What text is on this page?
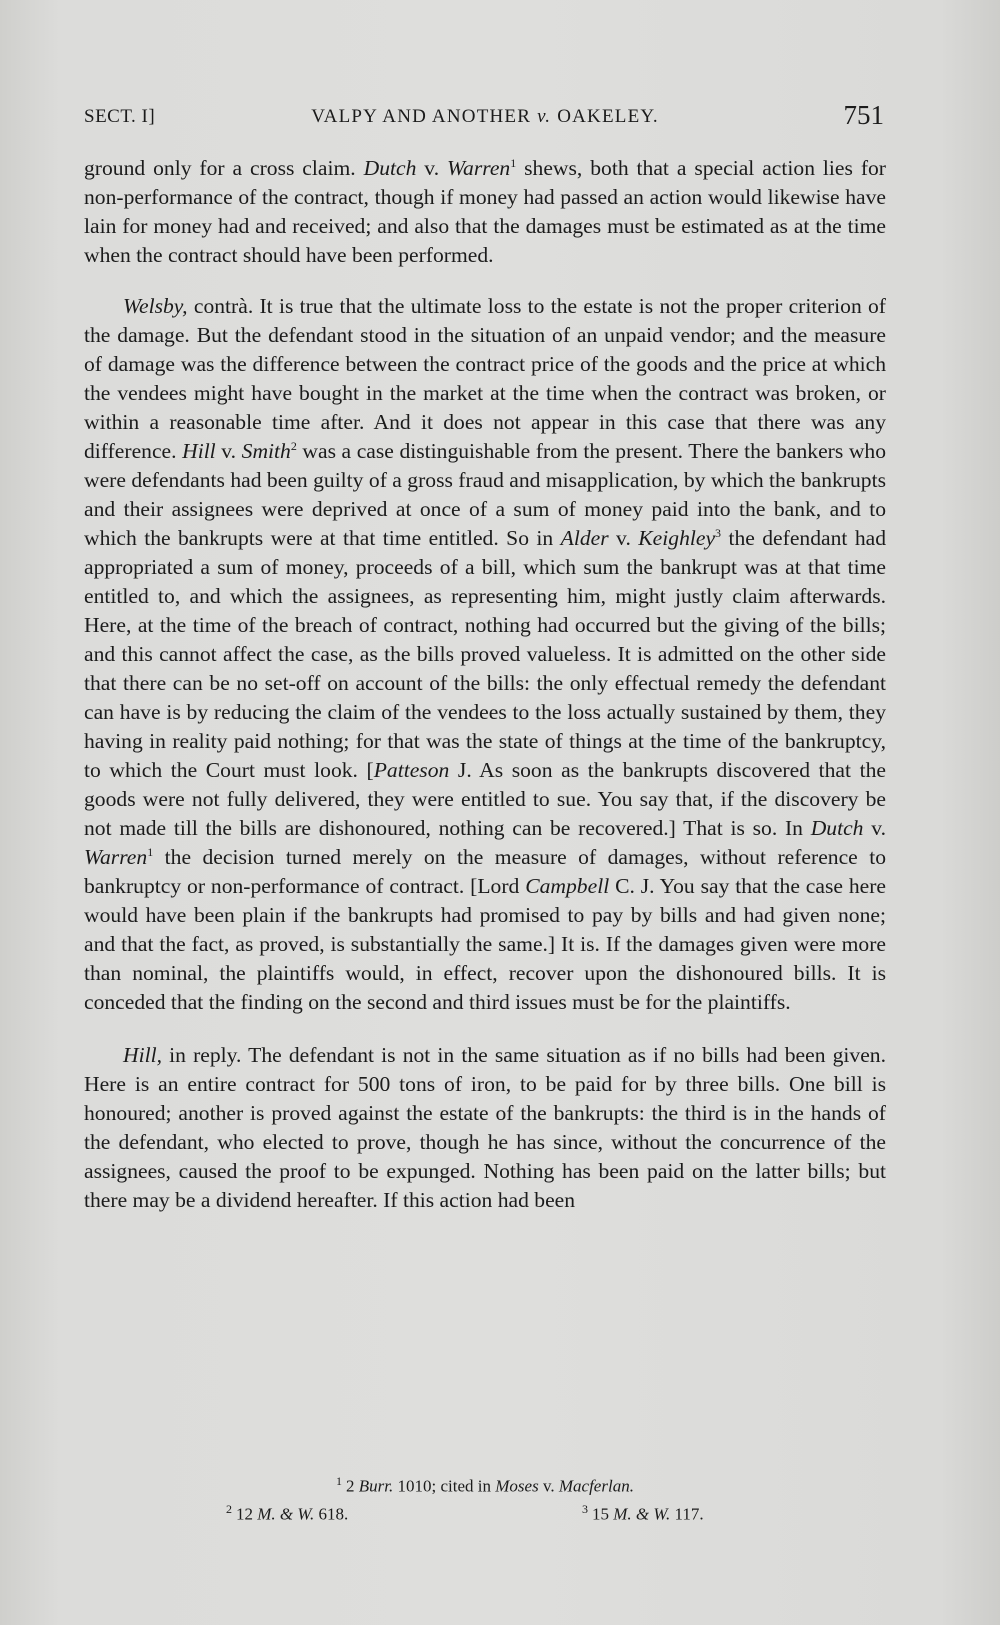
SECT. I]	VALPY AND ANOTHER v. OAKELEY.	751

ground only for a cross claim. Dutch v. Warren$^1$ shews, both that a special action lies for non-performance of the contract, though if money had passed an action would likewise have lain for money had and received; and also that the damages must be estimated as at the time when the contract should have been performed.

Welsby, contrà. It is true that the ultimate loss to the estate is not the proper criterion of the damage. But the defendant stood in the situation of an unpaid vendor; and the measure of damage was the difference between the contract price of the goods and the price at which the vendees might have bought in the market at the time when the contract was broken, or within a reasonable time after. And it does not appear in this case that there was any difference. Hill v. Smith$^2$ was a case distinguishable from the present. There the bankers who were defendants had been guilty of a gross fraud and misapplication, by which the bankrupts and their assignees were deprived at once of a sum of money paid into the bank, and to which the bankrupts were at that time entitled. So in Alder v. Keighley$^3$ the defendant had appropriated a sum of money, proceeds of a bill, which sum the bankrupt was at that time entitled to, and which the assignees, as representing him, might justly claim afterwards. Here, at the time of the breach of contract, nothing had occurred but the giving of the bills; and this cannot affect the case, as the bills proved valueless. It is admitted on the other side that there can be no set-off on account of the bills: the only effectual remedy the defendant can have is by reducing the claim of the vendees to the loss actually sustained by them, they having in reality paid nothing; for that was the state of things at the time of the bankruptcy, to which the Court must look. [Patteson J. As soon as the bankrupts discovered that the goods were not fully delivered, they were entitled to sue. You say that, if the discovery be not made till the bills are dishonoured, nothing can be recovered.] That is so. In Dutch v. Warren$^1$ the decision turned merely on the measure of damages, without reference to bankruptcy or non-performance of contract. [Lord Campbell C. J. You say that the case here would have been plain if the bankrupts had promised to pay by bills and had given none; and that the fact, as proved, is substantially the same.] It is. If the damages given were more than nominal, the plaintiffs would, in effect, recover upon the dishonoured bills. It is conceded that the finding on the second and third issues must be for the plaintiffs.

Hill, in reply. The defendant is not in the same situation as if no bills had been given. Here is an entire contract for 500 tons of iron, to be paid for by three bills. One bill is honoured; another is proved against the estate of the bankrupts: the third is in the hands of the defendant, who elected to prove, though he has since, without the concurrence of the assignees, caused the proof to be expunged. Nothing has been paid on the latter bills; but there may be a dividend hereafter. If this action had been

$^1$ 2 Burr. 1010; cited in Moses v. Macferlan.
$^2$ 12 M. & W. 618.	$^3$ 15 M. & W. 117.
